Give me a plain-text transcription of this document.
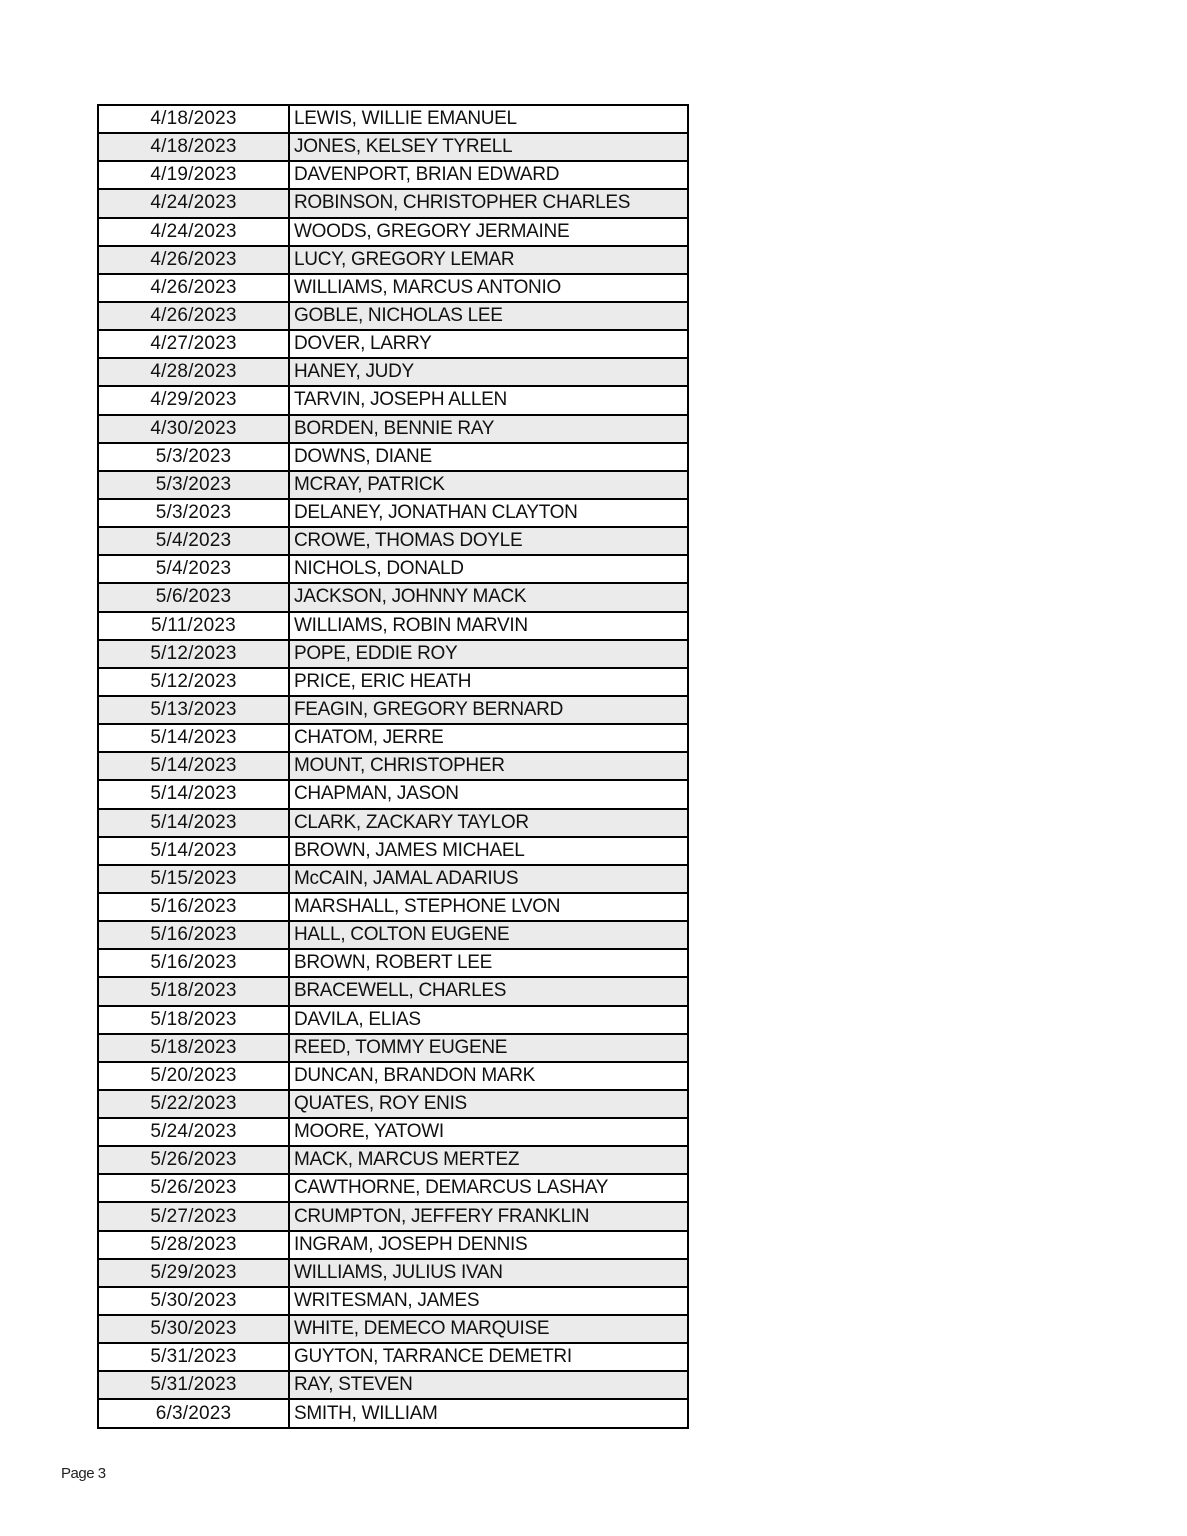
4/18/2023	LEWIS, WILLIE EMANUEL
4/18/2023	JONES, KELSEY TYRELL
4/19/2023	DAVENPORT, BRIAN EDWARD
4/24/2023	ROBINSON, CHRISTOPHER CHARLES
4/24/2023	WOODS, GREGORY JERMAINE
4/26/2023	LUCY, GREGORY LEMAR
4/26/2023	WILLIAMS, MARCUS ANTONIO
4/26/2023	GOBLE, NICHOLAS LEE
4/27/2023	DOVER, LARRY
4/28/2023	HANEY, JUDY
4/29/2023	TARVIN, JOSEPH ALLEN
4/30/2023	BORDEN, BENNIE RAY
5/3/2023	DOWNS, DIANE
5/3/2023	MCRAY, PATRICK
5/3/2023	DELANEY, JONATHAN CLAYTON
5/4/2023	CROWE, THOMAS DOYLE
5/4/2023	NICHOLS, DONALD
5/6/2023	JACKSON, JOHNNY MACK
5/11/2023	WILLIAMS, ROBIN MARVIN
5/12/2023	POPE, EDDIE ROY
5/12/2023	PRICE, ERIC HEATH
5/13/2023	FEAGIN, GREGORY BERNARD
5/14/2023	CHATOM, JERRE
5/14/2023	MOUNT, CHRISTOPHER
5/14/2023	CHAPMAN, JASON
5/14/2023	CLARK, ZACKARY TAYLOR
5/14/2023	BROWN, JAMES MICHAEL
5/15/2023	McCAIN, JAMAL ADARIUS
5/16/2023	MARSHALL, STEPHONE LVON
5/16/2023	HALL, COLTON EUGENE
5/16/2023	BROWN, ROBERT LEE
5/18/2023	BRACEWELL, CHARLES
5/18/2023	DAVILA, ELIAS
5/18/2023	REED, TOMMY EUGENE
5/20/2023	DUNCAN, BRANDON MARK
5/22/2023	QUATES, ROY ENIS
5/24/2023	MOORE, YATOWI
5/26/2023	MACK, MARCUS MERTEZ
5/26/2023	CAWTHORNE, DEMARCUS LASHAY
5/27/2023	CRUMPTON, JEFFERY FRANKLIN
5/28/2023	INGRAM, JOSEPH DENNIS
5/29/2023	WILLIAMS, JULIUS IVAN
5/30/2023	WRITESMAN, JAMES
5/30/2023	WHITE, DEMECO MARQUISE
5/31/2023	GUYTON, TARRANCE DEMETRI
5/31/2023	RAY, STEVEN
6/3/2023	SMITH, WILLIAM
Page 3
